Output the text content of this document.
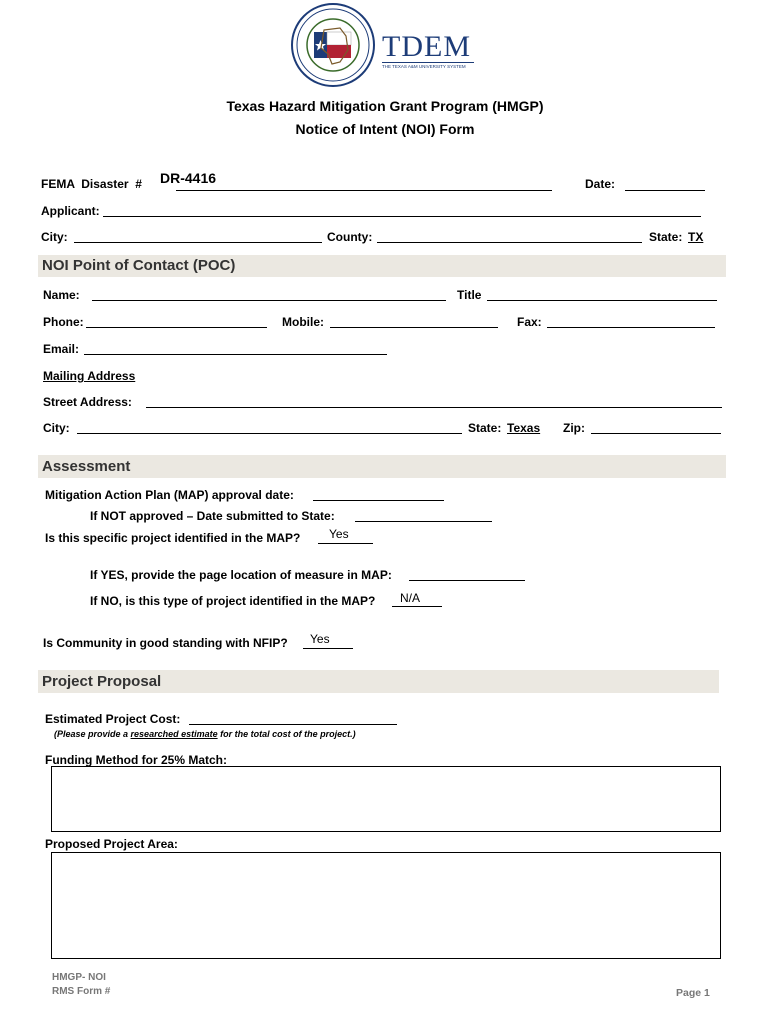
TDEM
THE TEXAS A&M UNIVERSITY SYSTEM
Texas Hazard Mitigation Grant Program (HMGP)
Notice of Intent (NOI) Form
FEMA  Disaster  # DR-4416	Date:
Applicant:
City:	County:	State: TX
NOI Point of Contact (POC)
Name:	Title
Phone:	Mobile:	Fax:
Email:
Mailing Address
Street Address:
City:	State: Texas Zip:
Assessment
Mitigation Action Plan (MAP) approval date:
If NOT approved – Date submitted to State:
Is this specific project identified in the MAP? Yes
If YES, provide the page location of measure in MAP:
If NO, is this type of project identified in the MAP? N/A
Is Community in good standing with NFIP? Yes
Project Proposal
Estimated Project Cost:
(Please provide a researched estimate for the total cost of the project.)
Funding Method for 25% Match:
Proposed Project Area:
HMGP- NOI
RMS Form #	Page 1
